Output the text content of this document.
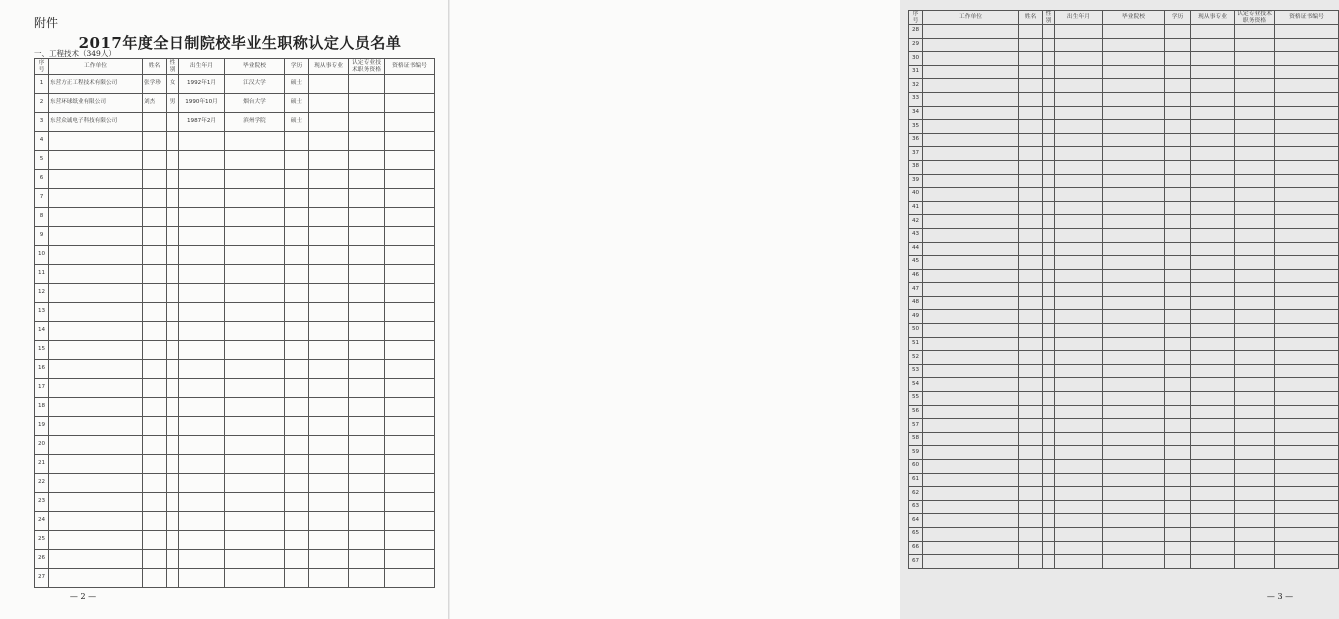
附件
2017年度全日制院校毕业生职称认定人员名单
一、工程技术（349人）
序号	工作单位	姓名	性别	出生年月	毕业院校	学历	现从事专业	认定专业技术职务资格	资格证书编号
1	东营方正工程技术有限公司	张学珍	女	1992年1月	江汉大学	硕士			
2	东营环球纸业有限公司	刘杰	男	1990年10月	烟台大学	硕士			
3	东营众诚电子科技有限公司			1987年2月	滨州学院	硕士			
4									
5									
6									
7									
8									
9									
10									
11									
12									
13									
14									
15									
16									
17									
18									
19									
20									
21									
22									
23									
24									
25									
26									
27									
— 2 —
序号	工作单位	姓名	性别	出生年月	毕业院校	学历	现从事专业	认定专业技术职务资格	资格证书编号
28									
29									
30									
31									
32									
33									
34									
35									
36									
37									
38									
39									
40									
41									
42									
43									
44									
45									
46									
47									
48									
49									
50									
51									
52									
53									
54									
55									
56									
57									
58									
59									
60									
61									
62									
63									
64									
65									
66									
67									
— 3 —
